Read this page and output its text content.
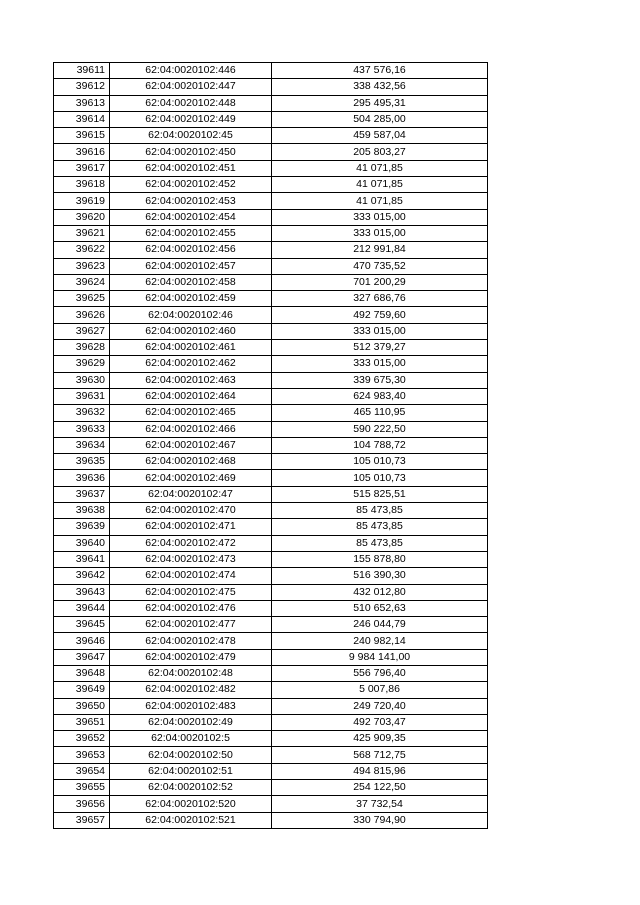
39611	62:04:0020102:446	437 576,16
39612	62:04:0020102:447	338 432,56
39613	62:04:0020102:448	295 495,31
39614	62:04:0020102:449	504 285,00
39615	62:04:0020102:45	459 587,04
39616	62:04:0020102:450	205 803,27
39617	62:04:0020102:451	41 071,85
39618	62:04:0020102:452	41 071,85
39619	62:04:0020102:453	41 071,85
39620	62:04:0020102:454	333 015,00
39621	62:04:0020102:455	333 015,00
39622	62:04:0020102:456	212 991,84
39623	62:04:0020102:457	470 735,52
39624	62:04:0020102:458	701 200,29
39625	62:04:0020102:459	327 686,76
39626	62:04:0020102:46	492 759,60
39627	62:04:0020102:460	333 015,00
39628	62:04:0020102:461	512 379,27
39629	62:04:0020102:462	333 015,00
39630	62:04:0020102:463	339 675,30
39631	62:04:0020102:464	624 983,40
39632	62:04:0020102:465	465 110,95
39633	62:04:0020102:466	590 222,50
39634	62:04:0020102:467	104 788,72
39635	62:04:0020102:468	105 010,73
39636	62:04:0020102:469	105 010,73
39637	62:04:0020102:47	515 825,51
39638	62:04:0020102:470	85 473,85
39639	62:04:0020102:471	85 473,85
39640	62:04:0020102:472	85 473,85
39641	62:04:0020102:473	155 878,80
39642	62:04:0020102:474	516 390,30
39643	62:04:0020102:475	432 012,80
39644	62:04:0020102:476	510 652,63
39645	62:04:0020102:477	246 044,79
39646	62:04:0020102:478	240 982,14
39647	62:04:0020102:479	9 984 141,00
39648	62:04:0020102:48	556 796,40
39649	62:04:0020102:482	5 007,86
39650	62:04:0020102:483	249 720,40
39651	62:04:0020102:49	492 703,47
39652	62:04:0020102:5	425 909,35
39653	62:04:0020102:50	568 712,75
39654	62:04:0020102:51	494 815,96
39655	62:04:0020102:52	254 122,50
39656	62:04:0020102:520	37 732,54
39657	62:04:0020102:521	330 794,90
